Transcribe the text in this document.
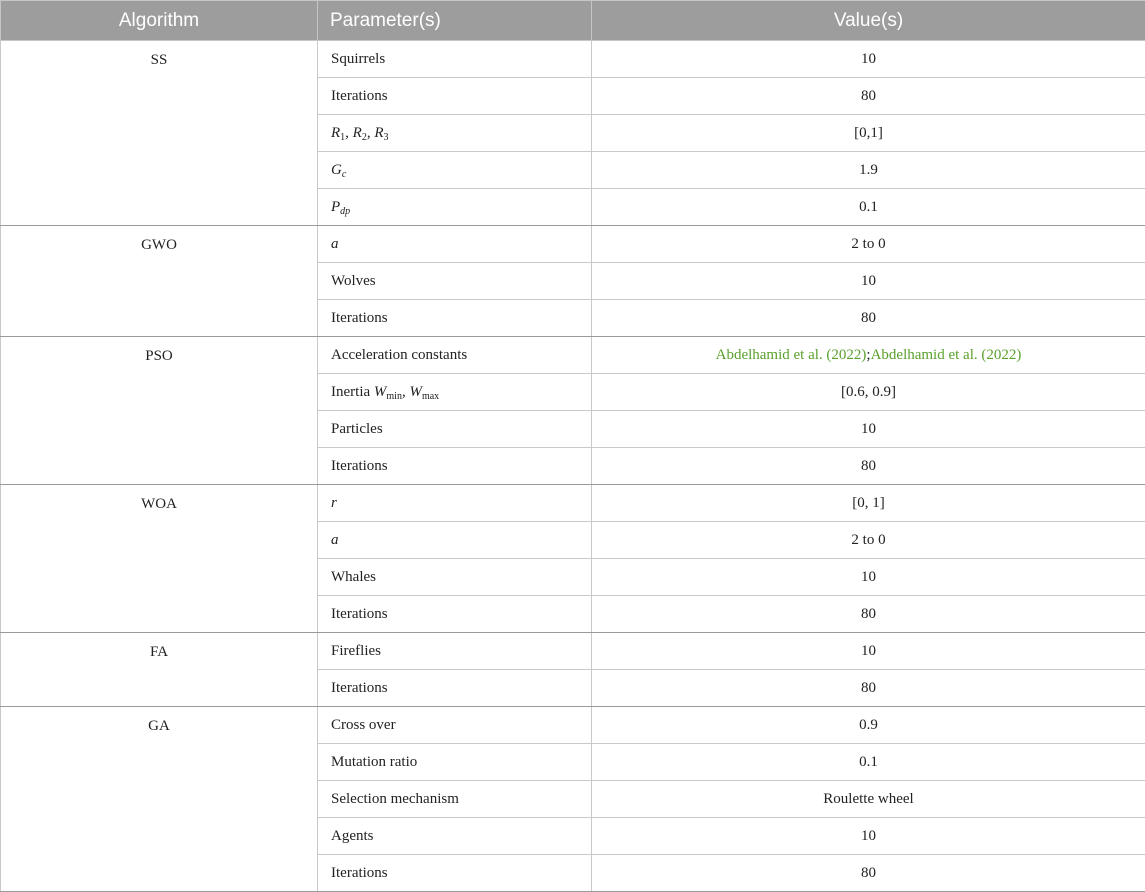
Algorithm	Parameter(s)	Value(s)
SS	Squirrels	10
	Iterations	80
	$R_1$, $R_2$, $R_3$	[0,1]
	$G_c$	1.9
	$P_{dp}$	0.1
GWO	a	2 to 0
	Wolves	10
	Iterations	80
PSO	Acceleration constants	Abdelhamid et al. (2022);Abdelhamid et al. (2022)
	Inertia $W_{min}$, $W_{max}$	[0.6, 0.9]
	Particles	10
	Iterations	80
WOA	r	[0, 1]
	a	2 to 0
	Whales	10
	Iterations	80
FA	Fireflies	10
	Iterations	80
GA	Cross over	0.9
	Mutation ratio	0.1
	Selection mechanism	Roulette wheel
	Agents	10
	Iterations	80
